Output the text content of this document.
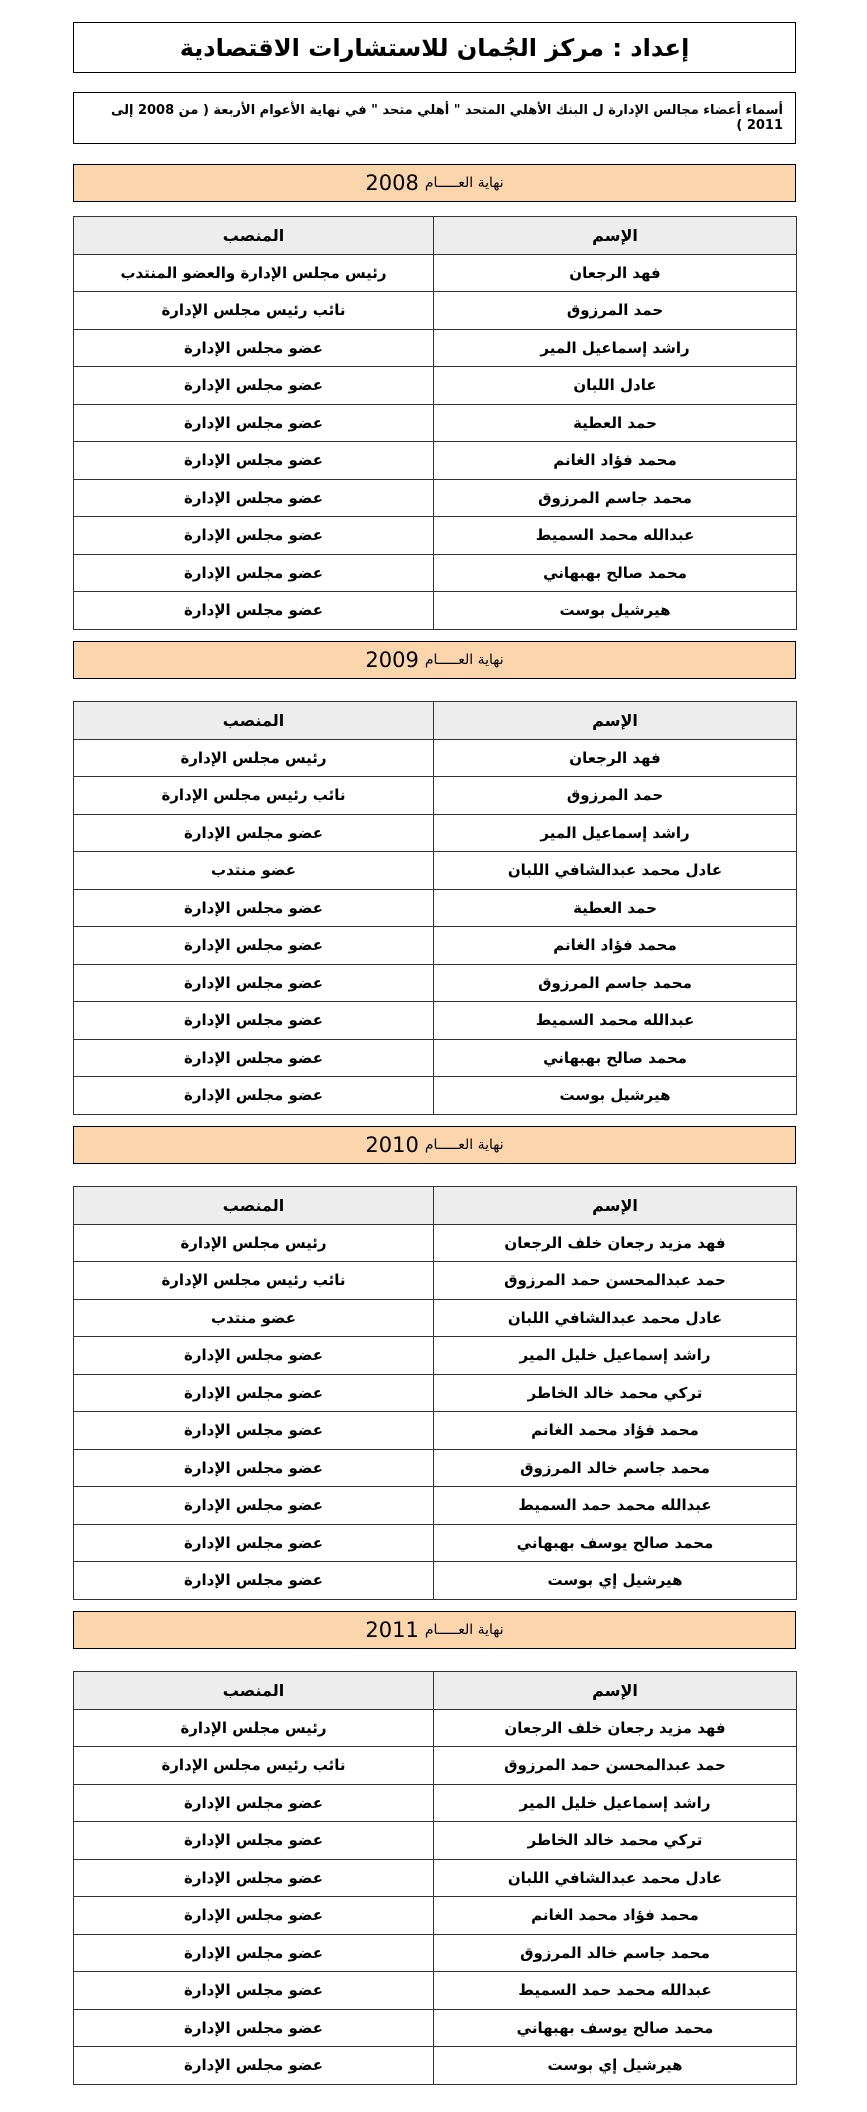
إعداد : مركز الجُمان للاستشارات الاقتصادية
أسماء أعضاء مجالس الإدارة ل البنك الأهلي المتحد " أهلي متحد " في نهاية الأعوام الأربعة ( من 2008 إلى 2011 )
نهاية العـــــام
2008
الإسم	المنصب
فهد الرجعان	رئيس مجلس الإدارة والعضو المنتدب
حمد المرزوق	نائب رئيس مجلس الإدارة
راشد إسماعيل المير	عضو مجلس الإدارة
عادل اللبان	عضو مجلس الإدارة
حمد العطية	عضو مجلس الإدارة
محمد فؤاد الغانم	عضو مجلس الإدارة
محمد جاسم المرزوق	عضو مجلس الإدارة
عبدالله محمد السميط	عضو مجلس الإدارة
محمد صالح بهبهاني	عضو مجلس الإدارة
هيرشيل بوست	عضو مجلس الإدارة
نهاية العـــــام
2009
الإسم	المنصب
فهد الرجعان	رئيس مجلس الإدارة
حمد المرزوق	نائب رئيس مجلس الإدارة
راشد إسماعيل المير	عضو مجلس الإدارة
عادل محمد عبدالشافي اللبان	عضو منتدب
حمد العطية	عضو مجلس الإدارة
محمد فؤاد الغانم	عضو مجلس الإدارة
محمد جاسم المرزوق	عضو مجلس الإدارة
عبدالله محمد السميط	عضو مجلس الإدارة
محمد صالح بهبهاني	عضو مجلس الإدارة
هيرشيل بوست	عضو مجلس الإدارة
نهاية العـــــام
2010
الإسم	المنصب
فهد مزيد رجعان خلف الرجعان	رئيس مجلس الإدارة
حمد عبدالمحسن حمد المرزوق	نائب رئيس مجلس الإدارة
عادل محمد عبدالشافي اللبان	عضو منتدب
راشد إسماعيل خليل المير	عضو مجلس الإدارة
تركي محمد خالد الخاطر	عضو مجلس الإدارة
محمد فؤاد محمد الغانم	عضو مجلس الإدارة
محمد جاسم خالد المرزوق	عضو مجلس الإدارة
عبدالله محمد حمد السميط	عضو مجلس الإدارة
محمد صالح يوسف بهبهاني	عضو مجلس الإدارة
هيرشيل إي بوست	عضو مجلس الإدارة
نهاية العـــــام
2011
الإسم	المنصب
فهد مزيد رجعان خلف الرجعان	رئيس مجلس الإدارة
حمد عبدالمحسن حمد المرزوق	نائب رئيس مجلس الإدارة
راشد إسماعيل خليل المير	عضو مجلس الإدارة
تركي محمد خالد الخاطر	عضو مجلس الإدارة
عادل محمد عبدالشافي اللبان	عضو مجلس الإدارة
محمد فؤاد محمد الغانم	عضو مجلس الإدارة
محمد جاسم خالد المرزوق	عضو مجلس الإدارة
عبدالله محمد حمد السميط	عضو مجلس الإدارة
محمد صالح يوسف بهبهاني	عضو مجلس الإدارة
هيرشيل إي بوست	عضو مجلس الإدارة
